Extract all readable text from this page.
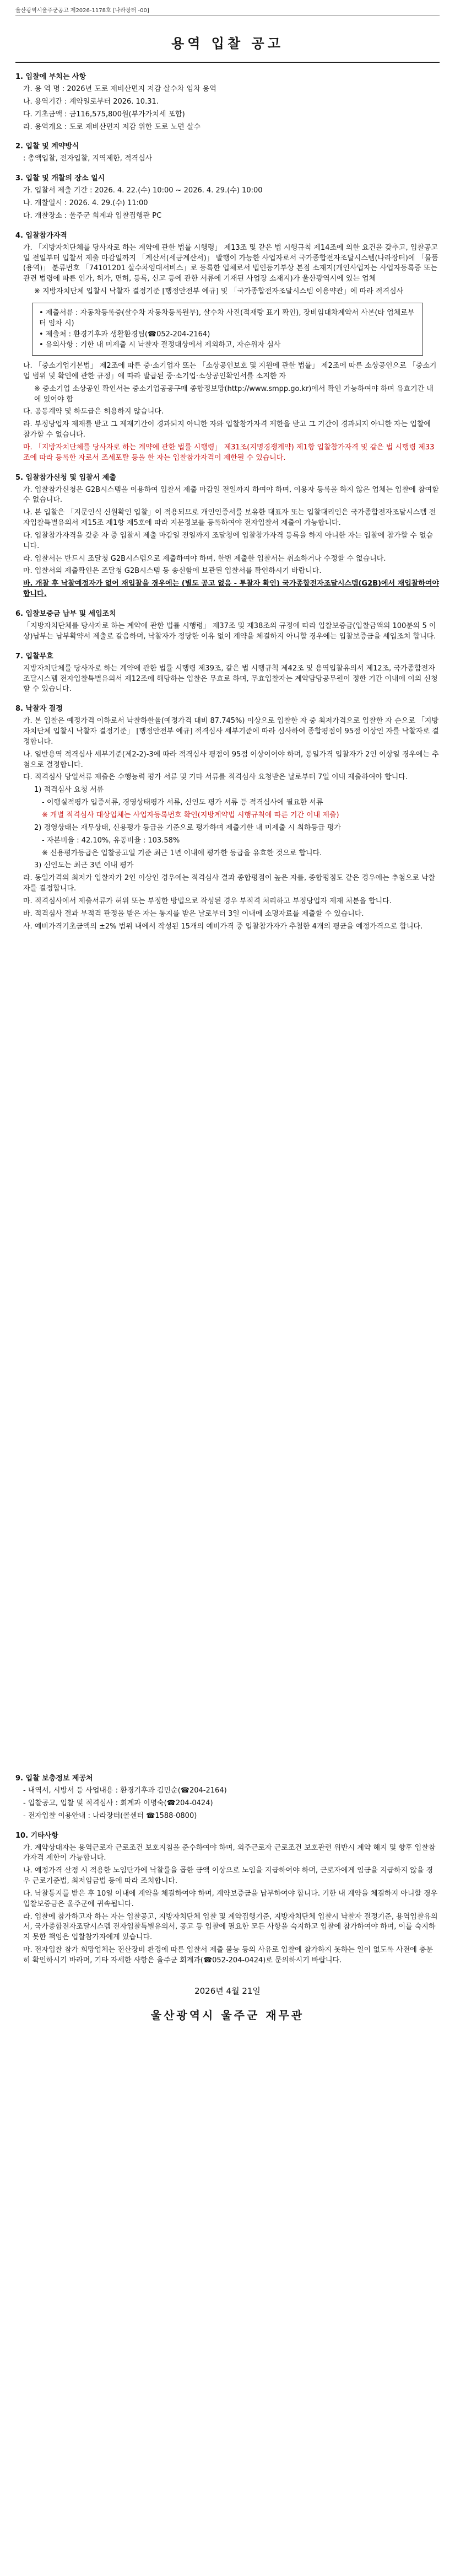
울산광역시울주군공고 제2026-1178호 [나라장터 -00]
용역 입찰 공고
1. 입찰에 부치는 사항
가. 용 역 명 : 2026년 도로 재비산먼지 저감 살수차 임차 용역
나. 용역기간 : 계약일로부터 2026. 10.31.
다. 기초금액 : 금116,575,800원(부가가치세 포함)
라. 용역개요 : 도로 재비산먼지 저감 위한 도로 노면 살수
2. 입찰 및 계약방식
: 총액입찰, 전자입찰, 지역제한, 적격심사
3. 입찰 및 개찰의 장소 일시
가. 입찰서 제출 기간 : 2026. 4. 22.(수) 10:00 ~ 2026. 4. 29.(수) 10:00
나. 개찰일시 : 2026. 4. 29.(수) 11:00
다. 개찰장소 : 울주군 회계과 입찰집행관 PC
4. 입찰참가자격
가. 「지방자치단체를 당사자로 하는 계약에 관한 법률 시행령」 제13조 및 같은 법 시행규칙 제14조에 의한 요건을 갖추고, 입찰공고일 전일부터 입찰서 제출 마감일까지 「계산서(세금계산서)」 발행이 가능한 사업자로서 국가종합전자조달시스템(나라장터)에 「물품(용역)」 분류번호 「74101201 살수차임대서비스」로 등록한 업체로서 법인등기부상 본점 소재지(개인사업자는 사업자등록증 또는 관련 법령에 따른 인가, 허가, 면허, 등록, 신고 등에 관한 서류에 기재된 사업장 소재지)가 울산광역시에 있는 업체
※ 지방자치단체 입찰시 낙찰자 결정기준 [행정안전부 예규] 및 「국가종합전자조달시스템 이용약관」에 따라 적격심사
• 제출서류 : 자동차등록증(살수차 자동차등록원부), 살수차 사진(적재량 표기 확인), 장비임대차계약서 사본(타 업체로부터 임차 시)
• 제출처 : 환경기후과 생활환경팀(☎052-204-2164)
• 유의사항 : 기한 내 미제출 시 낙찰자 결정대상에서 제외하고, 자순위자 심사
나. 「중소기업기본법」 제2조에 따른 중·소기업자 또는 「소상공인보호 및 지원에 관한 법률」 제2조에 따른 소상공인으로 「중소기업 범위 및 확인에 관한 규정」에 따라 발급된 중·소기업·소상공인확인서를 소지한 자
※ 중소기업 소상공인 확인서는 중소기업공공구매 종합정보망(http://www.smpp.go.kr)에서 확인 가능하여야 하며 유효기간 내에 있어야 함
다. 공동계약 및 하도급은 허용하지 않습니다.
라. 부정당업자 제재를 받고 그 제재기간이 경과되지 아니한 자와 입찰참가자격 제한을 받고 그 기간이 경과되지 아니한 자는 입찰에 참가할 수 없습니다.
마. 「지방자치단체를 당사자로 하는 계약에 관한 법률 시행령」 제31조(지명경쟁계약) 제1항 입찰참가자격 및 같은 법 시행령 제33조에 따라 등록한 자로서 조세포탈 등을 한 자는 입찰참가자격이 제한될 수 있습니다.
5. 입찰참가신청 및 입찰서 제출
가. 입찰참가신청은 G2B시스템을 이용하여 입찰서 제출 마감일 전일까지 하여야 하며, 이용자 등록을 하지 않은 업체는 입찰에 참여할 수 없습니다.
나. 본 입찰은 「지문인식 신원확인 입찰」이 적용되므로 개인인증서를 보유한 대표자 또는 입찰대리인은 국가종합전자조달시스템 전자입찰특별유의서 제15조 제1항 제5호에 따라 지문정보를 등록하여야 전자입찰서 제출이 가능합니다.
다. 입찰참가자격을 갖춘 자 중 입찰서 제출 마감일 전일까지 조달청에 입찰참가자격 등록을 하지 아니한 자는 입찰에 참가할 수 없습니다.
라. 입찰서는 반드시 조달청 G2B시스템으로 제출하여야 하며, 한번 제출한 입찰서는 취소하거나 수정할 수 없습니다.
마. 입찰서의 제출확인은 조달청 G2B시스템 등 송신함에 보관된 입찰서를 확인하시기 바랍니다.
바. 개찰 후 낙찰예정자가 없어 재입찰을 경우에는 (별도 공고 없음 - 투찰자 확인) 국가종합전자조달시스템(G2B)에서 재입찰하여야 합니다.
6. 입찰보증금 납부 및 세입조치
「지방자치단체를 당사자로 하는 계약에 관한 법률 시행령」 제37조 및 제38조의 규정에 따라 입찰보증금(입찰금액의 100분의 5 이상)납부는 납부확약서 제출로 갈음하며, 낙찰자가 정당한 이유 없이 계약을 체결하지 아니할 경우에는 입찰보증금을 세입조치 합니다.
7. 입찰무효
지방자치단체를 당사자로 하는 계약에 관한 법률 시행령 제39조, 같은 법 시행규칙 제42조 및 용역입찰유의서 제12조, 국가종합전자조달시스템 전자입찰특별유의서 제12조에 해당하는 입찰은 무효로 하며, 무효입찰자는 계약담당공무원이 정한 기간 이내에 이의 신청할 수 있습니다.
8. 낙찰자 결정
가. 본 입찰은 예정가격 이하로서 낙찰하한율(예정가격 대비 87.745%) 이상으로 입찰한 자 중 최저가격으로 입찰한 자 순으로 「지방자치단체 입찰시 낙찰자 결정기준」 [행정안전부 예규] 적격심사 세부기준에 따라 심사하여 종합평점이 95점 이상인 자를 낙찰자로 결정합니다.
나. 일반용역 적격심사 세부기준(제2-2)-3에 따라 적격심사 평점이 95점 이상이어야 하며, 동일가격 입찰자가 2인 이상일 경우에는 추첨으로 결정합니다.
다. 적격심사 당일서류 제출은 수행능력 평가 서류 및 기타 서류를 적격심사 요청받은 날로부터 7일 이내 제출하여야 합니다.
1) 적격심사 요청 서류
- 이행실적평가 입증서류, 경영상태평가 서류, 신인도 평가 서류 등 적격심사에 필요한 서류
※ 개별 적격심사 대상업체는 사업자등록번호 확인(지방계약법 시행규칙에 따른 기간 이내 제출)
2) 경영상태는 재무상태, 신용평가 등급을 기준으로 평가하며 제출기한 내 미제출 시 최하등급 평가
- 자본비율 : 42.10%, 유동비율 : 103.58%
※ 신용평가등급은 입찰공고일 기준 최근 1년 이내에 평가한 등급을 유효한 것으로 합니다.
3) 신인도는 최근 3년 이내 평가
라. 동일가격의 최저가 입찰자가 2인 이상인 경우에는 적격심사 결과 종합평점이 높은 자를, 종합평점도 같은 경우에는 추첨으로 낙찰자를 결정합니다.
마. 적격심사에서 제출서류가 허위 또는 부정한 방법으로 작성된 경우 부적격 처리하고 부정당업자 제재 처분을 합니다.
바. 적격심사 결과 부적격 판정을 받은 자는 통지를 받은 날로부터 3일 이내에 소명자료를 제출할 수 있습니다.
사. 예비가격기초금액의 ±2% 범위 내에서 작성된 15개의 예비가격 중 입찰참가자가 추첨한 4개의 평균을 예정가격으로 합니다.
9. 입찰 보충정보 제공처
- 내역서, 시방서 등 사업내용 : 환경기후과 김민순(☎204-2164)
- 입찰공고, 입찰 및 적격심사 : 회계과 이명숙(☎204-0424)
- 전자입찰 이용안내 : 나라장터(콜센터 ☎1588-0800)
10. 기타사항
가. 계약상대자는 용역근로자 근로조건 보호지침을 준수하여야 하며, 외주근로자 근로조건 보호관련 위반시 계약 해지 및 향후 입찰참가자격 제한이 가능합니다.
나. 예정가격 산정 시 적용한 노임단가에 낙찰률을 곱한 금액 이상으로 노임을 지급하여야 하며, 근로자에게 임금을 지급하지 않을 경우 근로기준법, 최저임금법 등에 따라 조치합니다.
다. 낙찰통지를 받은 후 10일 이내에 계약을 체결하여야 하며, 계약보증금을 납부하여야 합니다. 기한 내 계약을 체결하지 아니할 경우 입찰보증금은 울주군에 귀속됩니다.
라. 입찰에 참가하고자 하는 자는 입찰공고, 지방자치단체 입찰 및 계약집행기준, 지방자치단체 입찰시 낙찰자 결정기준, 용역입찰유의서, 국가종합전자조달시스템 전자입찰특별유의서, 공고 등 입찰에 필요한 모든 사항을 숙지하고 입찰에 참가하여야 하며, 이를 숙지하지 못한 책임은 입찰참가자에게 있습니다.
마. 전자입찰 참가 희망업체는 전산장비 환경에 따른 입찰서 제출 불능 등의 사유로 입찰에 참가하지 못하는 일이 없도록 사전에 충분히 확인하시기 바라며, 기타 자세한 사항은 울주군 회계과(☎052-204-0424)로 문의하시기 바랍니다.
2026년 4월 21일
울산광역시 울주군 재무관
